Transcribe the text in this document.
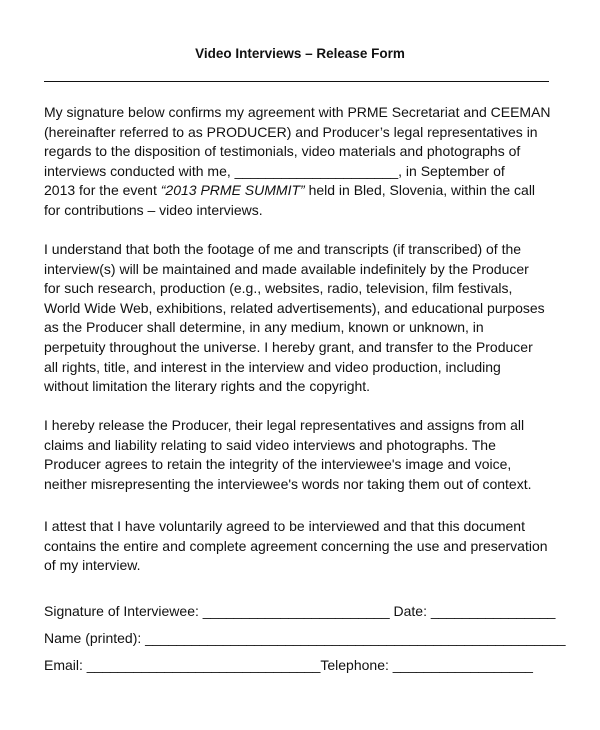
Video Interviews – Release Form

My signature below confirms my agreement with PRME Secretariat and CEEMAN
(hereinafter referred to as PRODUCER) and Producer’s legal representatives in
regards to the disposition of testimonials, video materials and photographs of
interviews conducted with me, _____________________, in September of
2013 for the event “2013 PRME SUMMIT” held in Bled, Slovenia, within the call
for contributions – video interviews.

I understand that both the footage of me and transcripts (if transcribed) of the
interview(s) will be maintained and made available indefinitely by the Producer
for such research, production (e.g., websites, radio, television, film festivals,
World Wide Web, exhibitions, related advertisements), and educational purposes
as the Producer shall determine, in any medium, known or unknown, in
perpetuity throughout the universe. I hereby grant, and transfer to the Producer
all rights, title, and interest in the interview and video production, including
without limitation the literary rights and the copyright.

I hereby release the Producer, their legal representatives and assigns from all
claims and liability relating to said video interviews and photographs. The
Producer agrees to retain the integrity of the interviewee's image and voice,
neither misrepresenting the interviewee's words nor taking them out of context.

I attest that I have voluntarily agreed to be interviewed and that this document
contains the entire and complete agreement concerning the use and preservation
of my interview.

Signature of Interviewee: ________________________ Date: ________________
Name (printed): ______________________________________________________
Email: ______________________________Telephone: __________________
